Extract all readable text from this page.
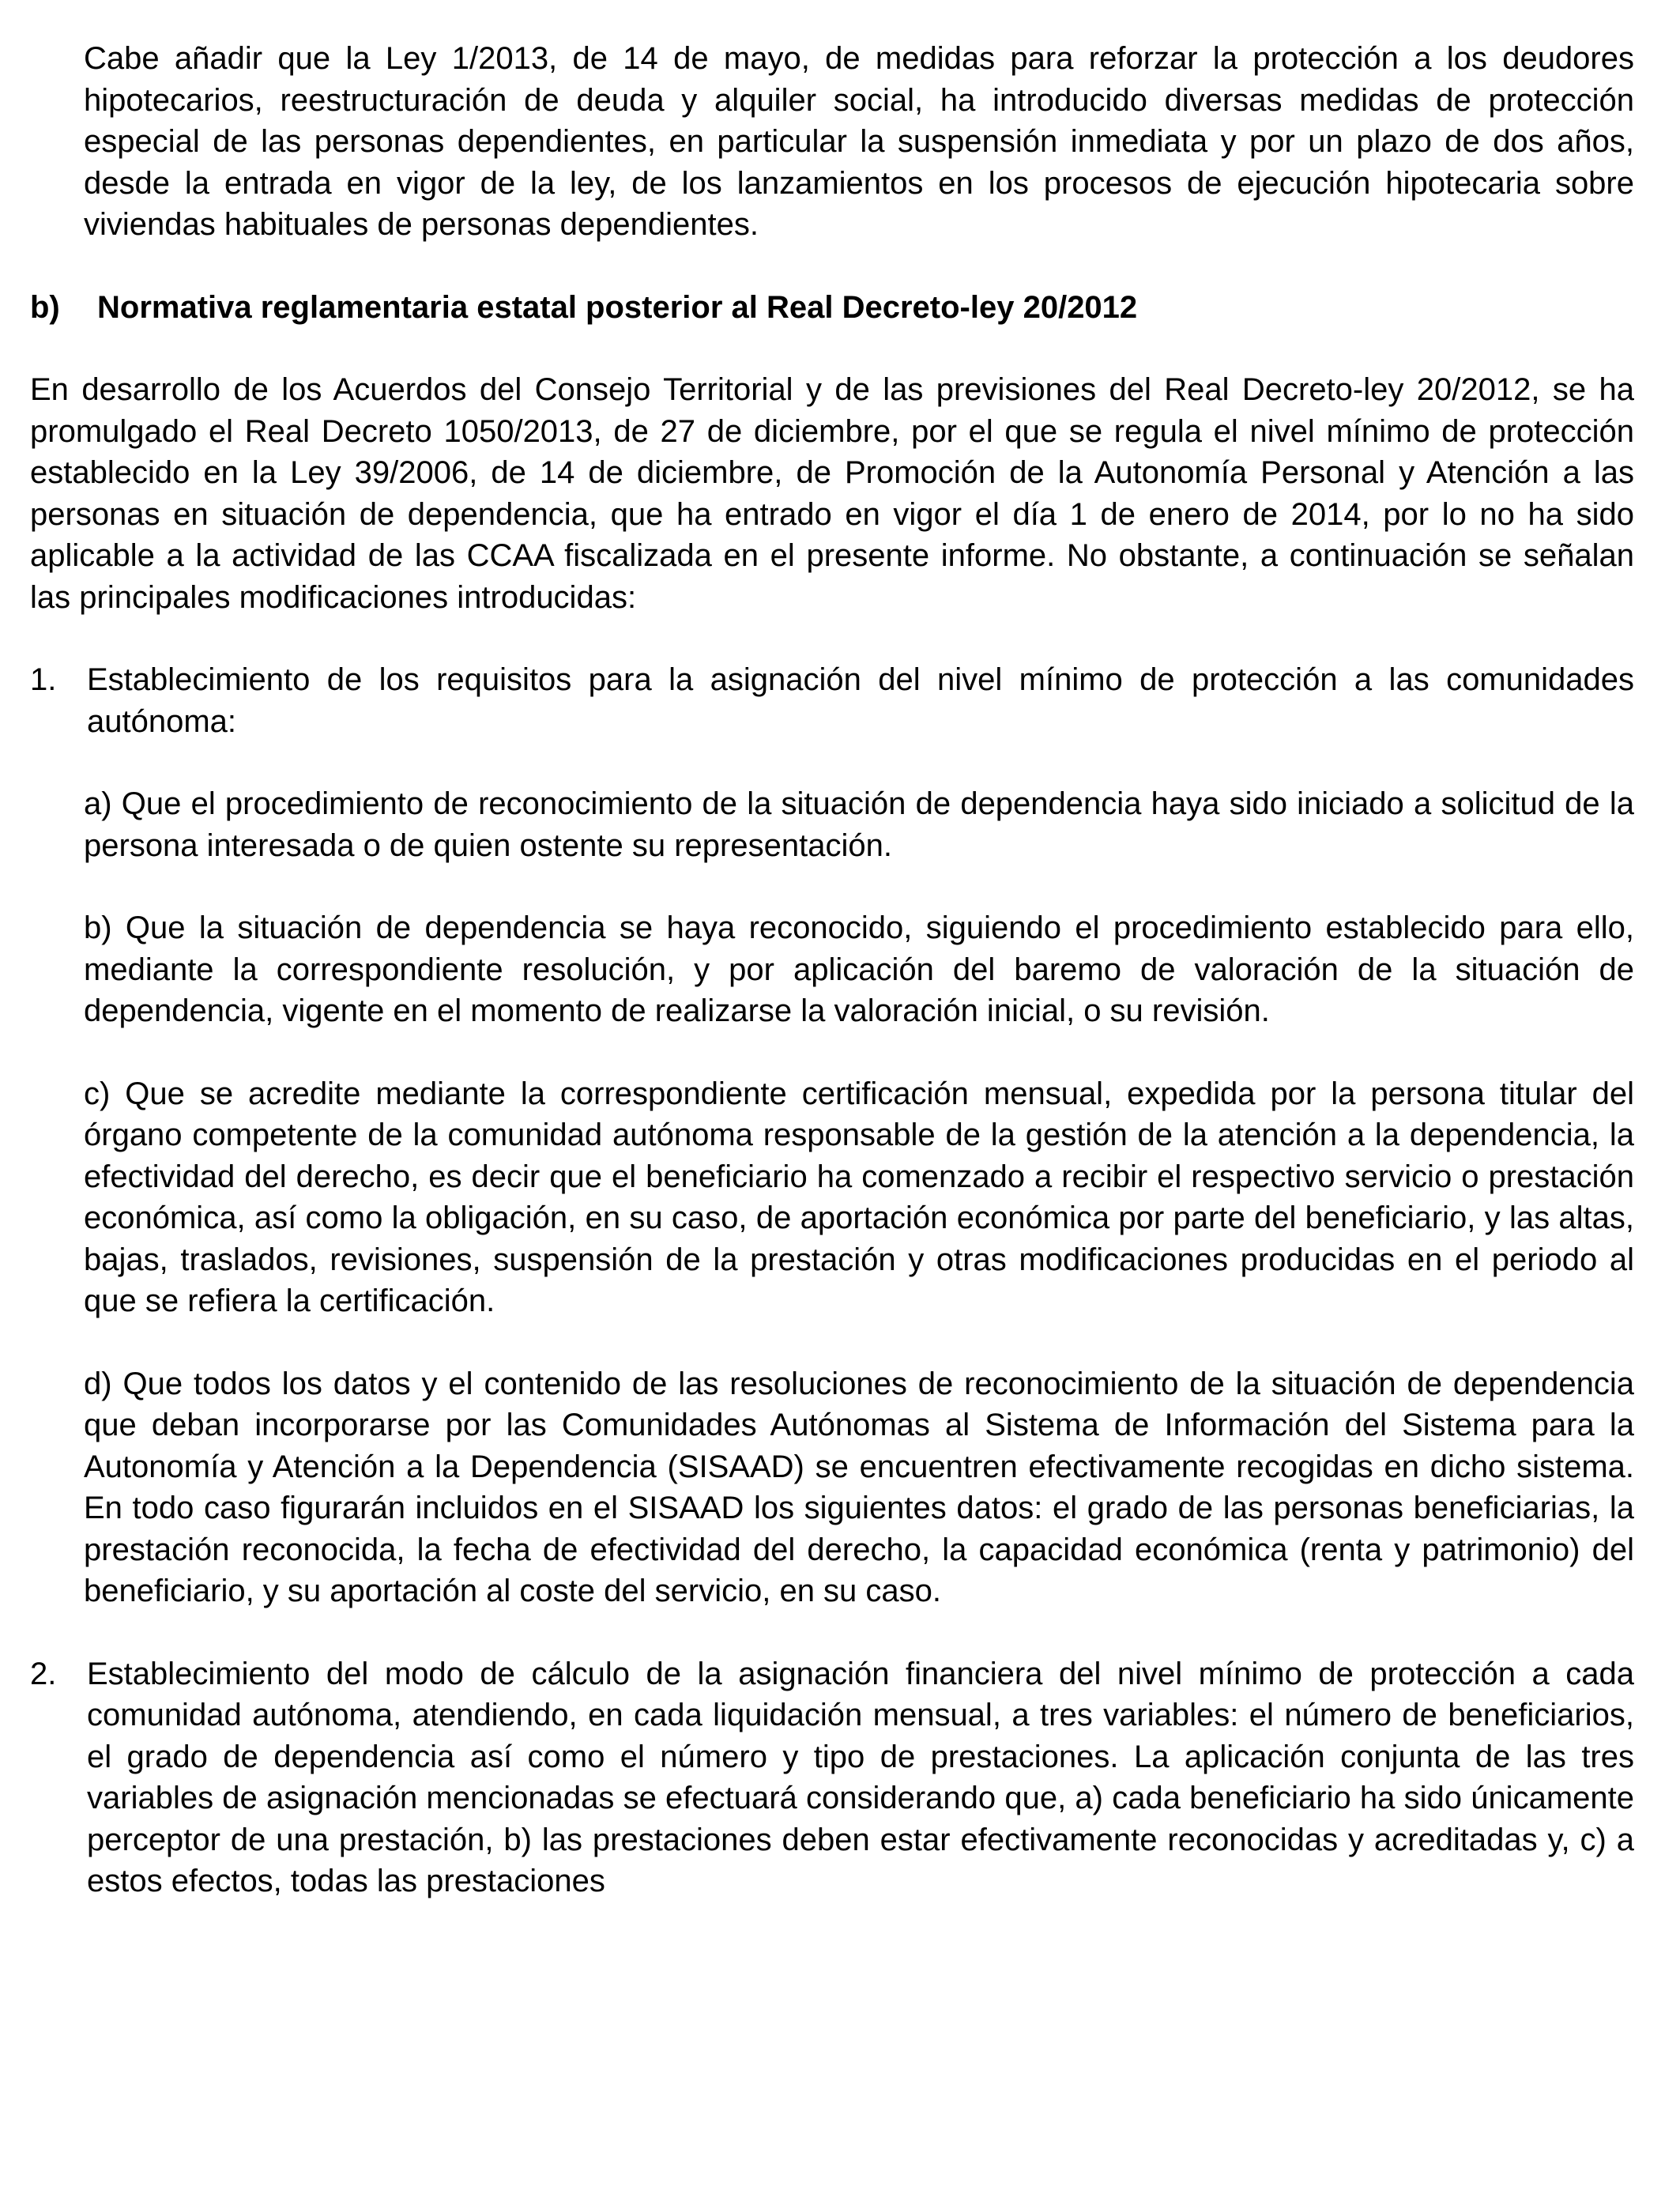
Cabe añadir que la Ley 1/2013, de 14 de mayo, de medidas para reforzar la protección a los deudores hipotecarios, reestructuración de deuda y alquiler social, ha introducido diversas medidas de protección especial de las personas dependientes, en particular la suspensión inmediata y por un plazo de dos años, desde la entrada en vigor de la ley, de los lanzamientos en los procesos de ejecución hipotecaria sobre viviendas habituales de personas dependientes.

b)	Normativa reglamentaria estatal posterior al Real Decreto-ley 20/2012

En desarrollo de los Acuerdos del Consejo Territorial y de las previsiones del Real Decreto-ley 20/2012, se ha promulgado el Real Decreto 1050/2013, de 27 de diciembre, por el que se regula el nivel mínimo de protección establecido en la Ley 39/2006, de 14 de diciembre, de Promoción de la Autonomía Personal y Atención a las personas en situación de dependencia, que ha entrado en vigor el día 1 de enero de 2014, por lo no ha sido aplicable a la actividad de las CCAA fiscalizada en el presente informe. No obstante, a continuación se señalan las principales modificaciones introducidas:

1. Establecimiento de los requisitos para la asignación del nivel mínimo de protección a las comunidades autónoma:

a) Que el procedimiento de reconocimiento de la situación de dependencia haya sido iniciado a solicitud de la persona interesada o de quien ostente su representación.

b) Que la situación de dependencia se haya reconocido, siguiendo el procedimiento establecido para ello, mediante la correspondiente resolución, y por aplicación del baremo de valoración de la situación de dependencia, vigente en el momento de realizarse la valoración inicial, o su revisión.

c) Que se acredite mediante la correspondiente certificación mensual, expedida por la persona titular del órgano competente de la comunidad autónoma responsable de la gestión de la atención a la dependencia, la efectividad del derecho, es decir que el beneficiario ha comenzado a recibir el respectivo servicio o prestación económica, así como la obligación, en su caso, de aportación económica por parte del beneficiario, y las altas, bajas, traslados, revisiones, suspensión de la prestación y otras modificaciones producidas en el periodo al que se refiera la certificación.

d) Que todos los datos y el contenido de las resoluciones de reconocimiento de la situación de dependencia que deban incorporarse por las Comunidades Autónomas al Sistema de Información del Sistema para la Autonomía y Atención a la Dependencia (SISAAD) se encuentren efectivamente recogidas en dicho sistema. En todo caso figurarán incluidos en el SISAAD los siguientes datos: el grado de las personas beneficiarias, la prestación reconocida, la fecha de efectividad del derecho, la capacidad económica (renta y patrimonio) del beneficiario, y su aportación al coste del servicio, en su caso.

2. Establecimiento del modo de cálculo de la asignación financiera del nivel mínimo de protección a cada comunidad autónoma, atendiendo, en cada liquidación mensual, a tres variables: el número de beneficiarios, el grado de dependencia así como el número y tipo de prestaciones. La aplicación conjunta de las tres variables de asignación mencionadas se efectuará considerando que, a) cada beneficiario ha sido únicamente perceptor de una prestación, b) las prestaciones deben estar efectivamente reconocidas y acreditadas y, c) a estos efectos, todas las prestaciones
